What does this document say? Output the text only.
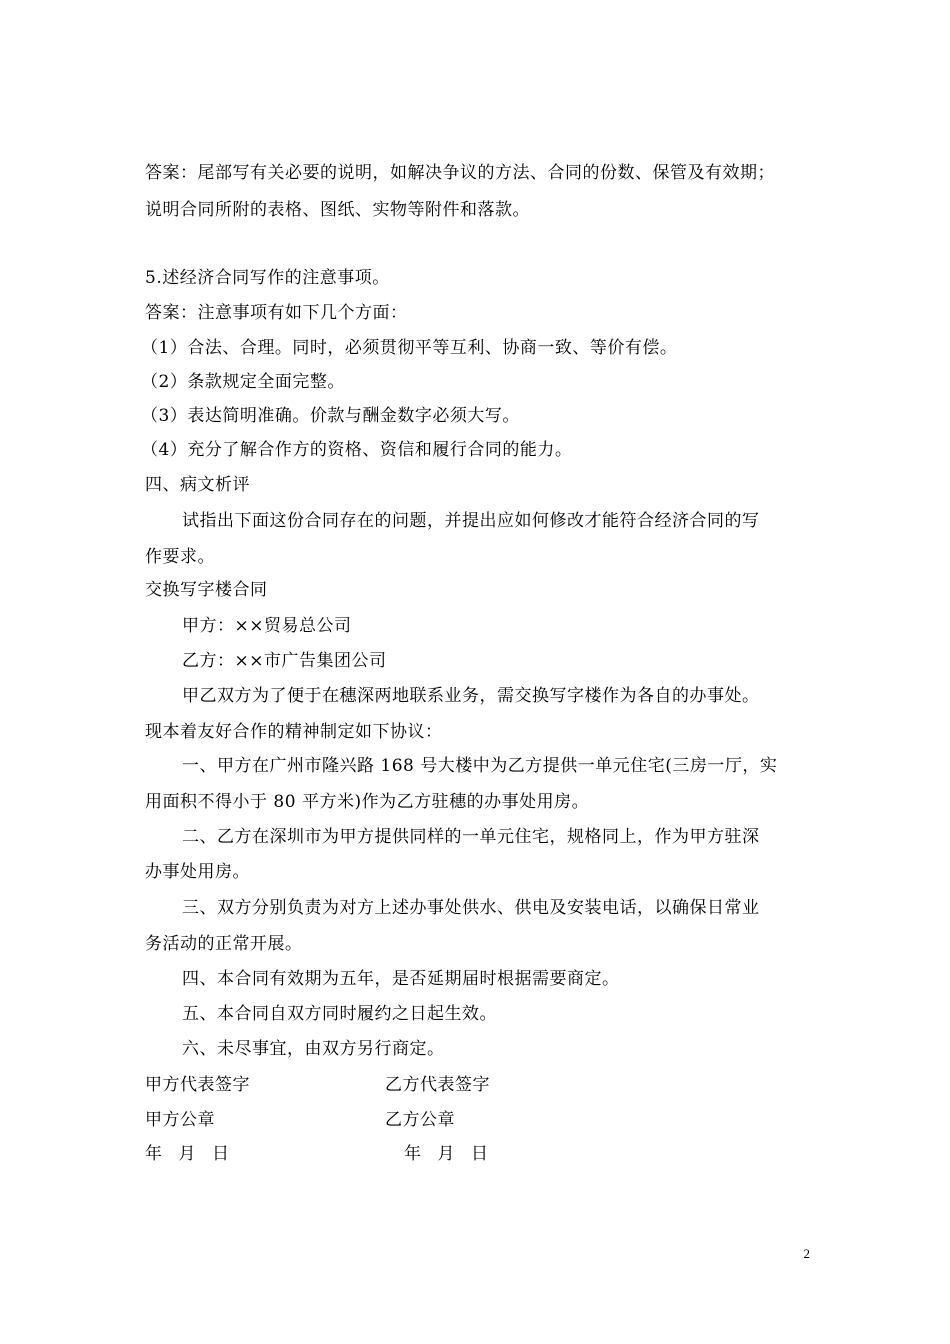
答案：尾部写有关必要的说明，如解决争议的方法、合同的份数、保管及有效期；
说明合同所附的表格、图纸、实物等附件和落款。
5.述经济合同写作的注意事项。
答案：注意事项有如下几个方面：
（1）合法、合理。同时，必须贯彻平等互利、协商一致、等价有偿。
（2）条款规定全面完整。
（3）表达简明准确。价款与酬金数字必须大写。
（4）充分了解合作方的资格、资信和履行合同的能力。
四、病文析评
试指出下面这份合同存在的问题，并提出应如何修改才能符合经济合同的写
作要求。
交换写字楼合同
甲方：××贸易总公司
乙方：××市广告集团公司
甲乙双方为了便于在穗深两地联系业务，需交换写字楼作为各自的办事处。
现本着友好合作的精神制定如下协议：
一、甲方在广州市隆兴路 168 号大楼中为乙方提供一单元住宅(三房一厅，实
用面积不得小于 80 平方米)作为乙方驻穗的办事处用房。
二、乙方在深圳市为甲方提供同样的一单元住宅，规格同上，作为甲方驻深
办事处用房。
三、双方分别负责为对方上述办事处供水、供电及安装电话，以确保日常业
务活动的正常开展。
四、本合同有效期为五年，是否延期届时根据需要商定。
五、本合同自双方同时履约之日起生效。
六、未尽事宜，由双方另行商定。
甲方代表签字	乙方代表签字
甲方公章	乙方公章
年 月 日	年 月 日
2
